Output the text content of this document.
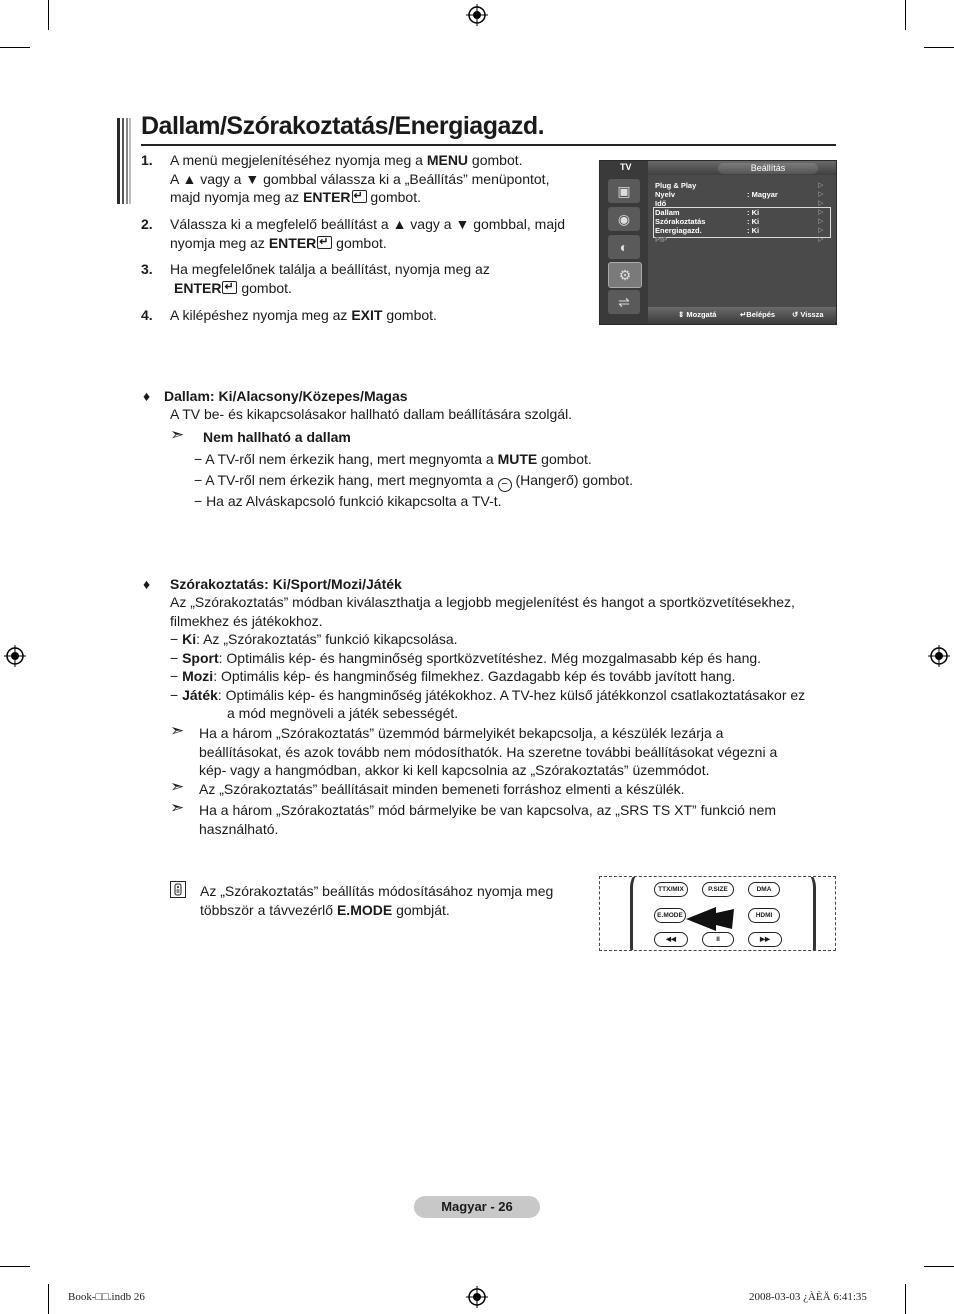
Dallam/Szórakoztatás/Energiagazd.
1. A menü megjelenítéséhez nyomja meg a MENU gombot.
A ▲ vagy a ▼ gombbal válassza ki a „Beállítás” menüpontot,
majd nyomja meg az ENTER↵ gombot.
2. Válassza ki a megfelelő beállítást a ▲ vagy a ▼ gombbal, majd
nyomja meg az ENTER↵ gombot.
3. Ha megfelelőnek találja a beállítást, nyomja meg az
ENTER↵ gombot.
4. A kilépéshez nyomja meg az EXIT gombot.
TV	Beállítás
▣
◉
◐
⚙
⇌
Plug & Play
Nyelv	: Magyar
Idő
Dallam	: Ki
Szórakoztatás	: Ki
Energiagazd.	: Ki
PIP
▷
▷
▷
▷
▷
▷
▷
⇕ Mozgatá	↵Belépés ↺ Vissza
♦ Dallam: Ki/Alacsony/Közepes/Magas
A TV be- és kikapcsolásakor hallható dallam beállítására szolgál.
➣ Nem hallható a dallam
− A TV-ről nem érkezik hang, mert megnyomta a MUTE gombot.
− A TV-ről nem érkezik hang, mert megnyomta a − (Hangerő) gombot.
− Ha az Alváskapcsoló funkció kikapcsolta a TV-t.
♦ Szórakoztatás: Ki/Sport/Mozi/Játék
Az „Szórakoztatás” módban kiválaszthatja a legjobb megjelenítést és hangot a sportközvetítésekhez,
filmekhez és játékokhoz.
− Ki: Az „Szórakoztatás” funkció kikapcsolása.
− Sport: Optimális kép- és hangminőség sportközvetítéshez. Még mozgalmasabb kép és hang.
− Mozi: Optimális kép- és hangminőség filmekhez. Gazdagabb kép és tovább javított hang.
− Játék: Optimális kép- és hangminőség játékokhoz. A TV-hez külső játékkonzol csatlakoztatásakor ez
a mód megnöveli a játék sebességét.
➣ Ha a három „Szórakoztatás” üzemmód bármelyikét bekapcsolja, a készülék lezárja a
beállításokat, és azok tovább nem módosíthatók. Ha szeretne további beállításokat végezni a
kép- vagy a hangmódban, akkor ki kell kapcsolnia az „Szórakoztatás” üzemmódot.
➣ Az „Szórakoztatás” beállításait minden bemeneti forráshoz elmenti a készülék.
➣ Ha a három „Szórakoztatás” mód bármelyike be van kapcsolva, az „SRS TS XT” funkció nem
használható.
Az „Szórakoztatás” beállítás módosításához nyomja meg
többször a távvezérlő E.MODE gombját.
TTX/MIX	P.SIZE	DMA
E.MODE	HDMI
◀◀	II	▶▶
Magyar - 26
Book-□□.indb 26	2008-03-03 ¿ÀÈÄ 6:41:35
